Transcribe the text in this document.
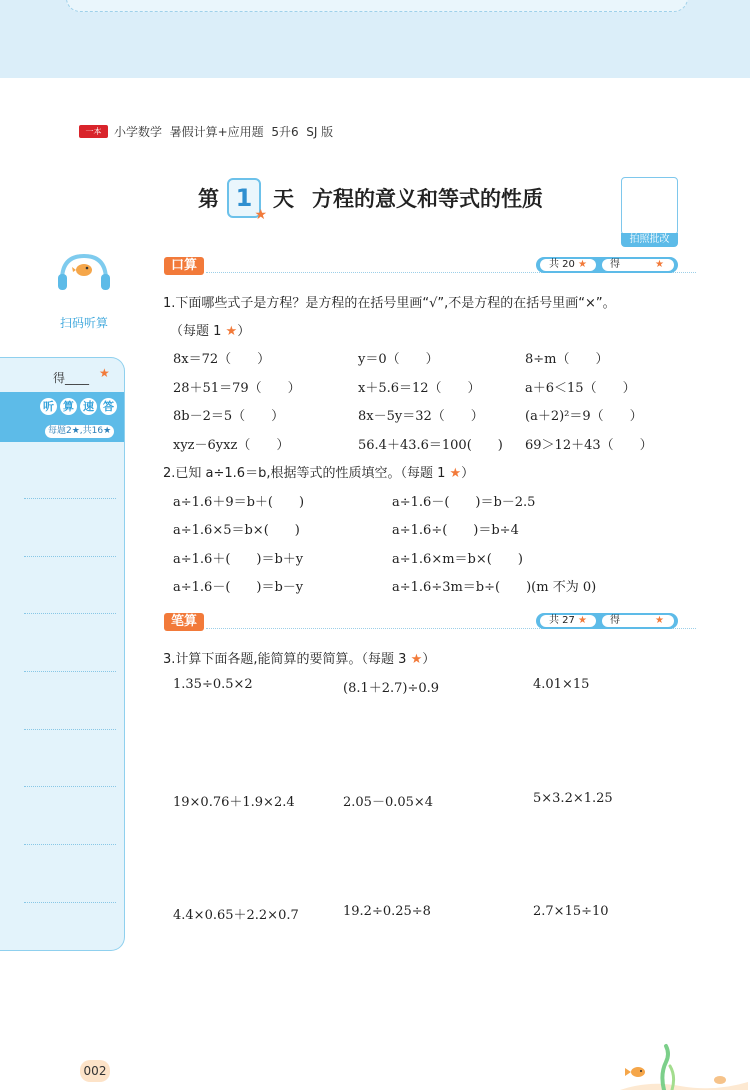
一本	小学数学  暑假计算+应用题  5升6  SJ 版
第 1
★
天 方程的意义和等式的性质
拍照批改
扫码听算
得____ ★
听 算 速 答
每题2★,共16★
口算	共 20 ★	得	★
1.下面哪些式子是方程？是方程的在括号里画“√”,不是方程的在括号里画“×”。
（每题 1 ★）
8x＝72（　　）	y＝0（　　）	8÷m（　　）
28＋51＝79（　　）	x＋5.6＝12（　　）	a＋6＜15（　　）
8b－2＝5（　　）	8x－5y＝32（　　）	(a＋2)²＝9（　　）
xyz－6yxz（　　）	56.4＋43.6＝100(　　) 69＞12＋43（　　）
2.已知 a÷1.6＝b,根据等式的性质填空。（每题 1 ★）
a÷1.6＋9＝b＋(　　)	a÷1.6－(　　)＝b－2.5
a÷1.6×5＝b×(　　)	a÷1.6÷(　　)＝b÷4
a÷1.6＋(　　)＝b＋y	a÷1.6×m＝b×(　　)
a÷1.6－(　　)＝b－y	a÷1.6÷3m＝b÷(　　)(m 不为 0)
笔算	共 27 ★	得	★
3.计算下面各题,能简算的要简算。（每题 3 ★）
1.35÷0.5×2	(8.1＋2.7)÷0.9	4.01×15
19×0.76＋1.9×2.4	2.05－0.05×4	5×3.2×1.25
4.4×0.65＋2.2×0.7	19.2÷0.25÷8	2.7×15÷10
002
